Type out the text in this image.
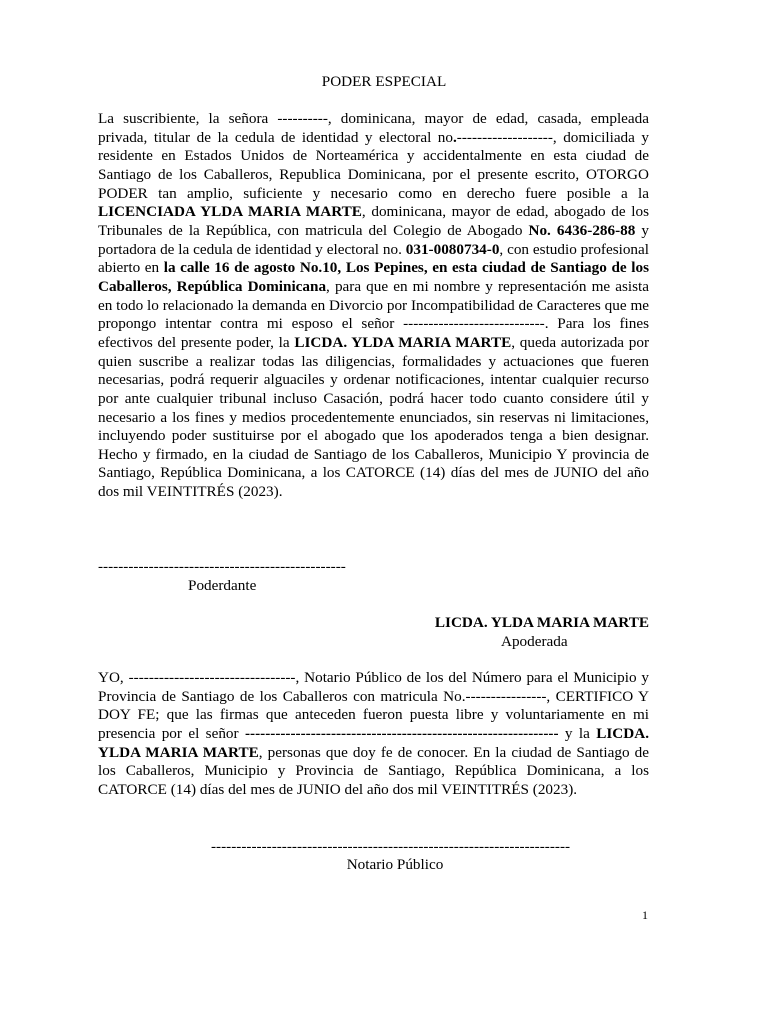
PODER ESPECIAL
La suscribiente, la señora ----------, dominicana, mayor de edad, casada, empleada privada, titular de la cedula de identidad y electoral no.-------------------, domiciliada y residente en Estados Unidos de Norteamérica y accidentalmente en esta ciudad de Santiago de los Caballeros, Republica Dominicana, por el presente escrito, OTORGO PODER tan amplio, suficiente y necesario como en derecho fuere posible a la LICENCIADA YLDA MARIA MARTE, dominicana, mayor de edad, abogado de los Tribunales de la República, con matricula del Colegio de Abogado No. 6436-286-88 y portadora de la cedula de identidad y electoral no. 031-0080734-0, con estudio profesional abierto en la calle 16 de agosto No.10, Los Pepines, en esta ciudad de Santiago de los Caballeros, República Dominicana, para que en mi nombre y representación me asista en todo lo relacionado la demanda en Divorcio por Incompatibilidad de Caracteres que me propongo intentar contra mi esposo el señor ----------------------------. Para los fines efectivos del presente poder, la LICDA. YLDA MARIA MARTE, queda autorizada por quien suscribe a realizar todas las diligencias, formalidades y actuaciones que fueren necesarias, podrá requerir alguaciles y ordenar notificaciones, intentar cualquier recurso por ante cualquier tribunal incluso Casación, podrá hacer todo cuanto considere útil y necesario a los fines y medios procedentemente enunciados, sin reservas ni limitaciones, incluyendo poder sustituirse por el abogado que los apoderados tenga a bien designar. Hecho y firmado, en la ciudad de Santiago de los Caballeros, Municipio Y provincia de Santiago, República Dominicana, a los CATORCE (14) días del mes de JUNIO del año dos mil VEINTITRÉS (2023).
-------------------------------------------------
Poderdante
LICDA. YLDA MARIA MARTE
Apoderada
YO, ---------------------------------, Notario Público de los del Número para el Municipio y Provincia de Santiago de los Caballeros con matricula No.----------------, CERTIFICO Y DOY FE; que las firmas que anteceden fueron puesta libre y voluntariamente en mi presencia por el señor -------------------------------------------------------------- y la LICDA. YLDA MARIA MARTE, personas que doy fe de conocer. En la ciudad de Santiago de los Caballeros, Municipio y Provincia de Santiago, República Dominicana, a los CATORCE (14) días del mes de JUNIO del año dos mil VEINTITRÉS (2023).
-----------------------------------------------------------------------
Notario Público
1
